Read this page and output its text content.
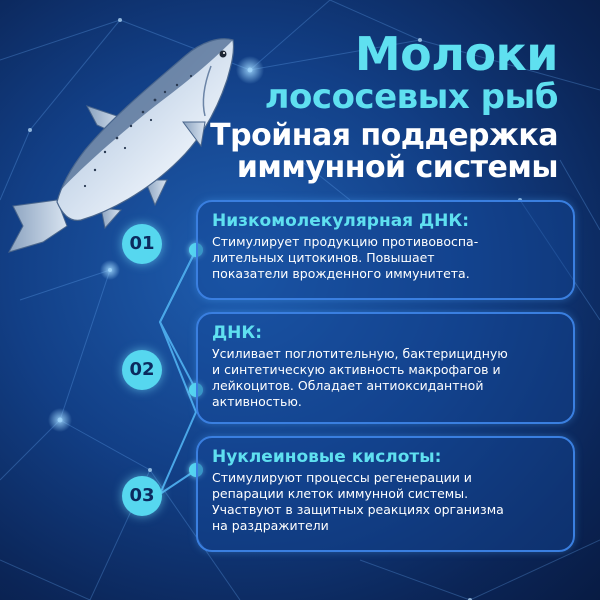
Молоки
лососевых рыб
Тройная поддержка
иммунной системы
01
Низкомолекулярная ДНК:
Стимулирует продукцию противовоспа-
лительных цитокинов. Повышает
показатели врожденного иммунитета.
02
ДНК:
Усиливает поглотительную, бактерицидную
и синтетическую активность макрофагов и
лейкоцитов. Обладает антиоксидантной
активностью.
03
Нуклеиновые кислоты:
Стимулируют процессы регенерации и
репарации клеток иммунной системы.
Участвуют в защитных реакциях организма
на раздражители
